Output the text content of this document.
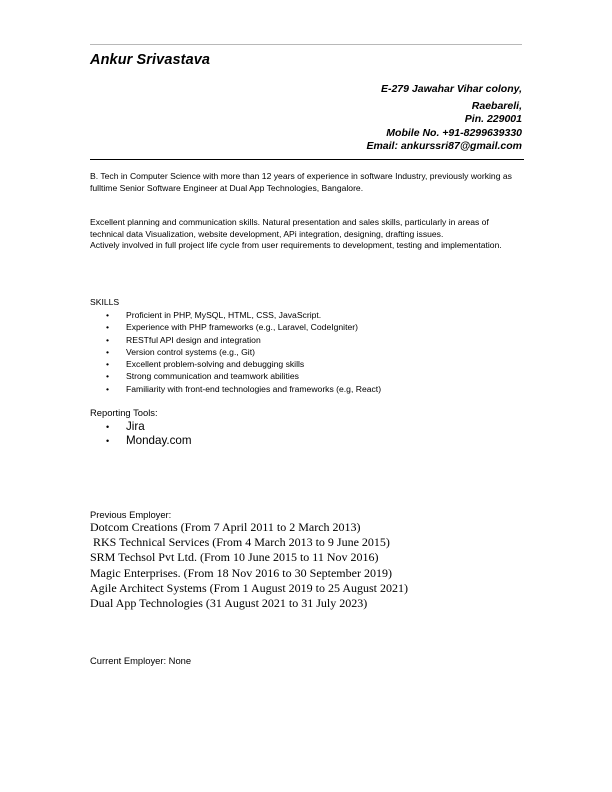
Ankur Srivastava
E-279 Jawahar Vihar colony,
Raebareli,
Pin. 229001
Mobile No. +91-8299639330
Email: ankurssri87@gmail.com

B. Tech in Computer Science with more than 12 years of experience in software Industry, previously working as fulltime Senior Software Engineer at Dual App Technologies, Bangalore.

Excellent planning and communication skills. Natural presentation and sales skills, particularly in areas of technical data Visualization, website development, APi integration, designing, drafting issues.

Actively involved in full project life cycle from user requirements to development, testing and implementation.

SKILLS
• Proficient in PHP, MySQL, HTML, CSS, JavaScript.
• Experience with PHP frameworks (e.g., Laravel, CodeIgniter)
• RESTful API design and integration
• Version control systems (e.g., Git)
• Excellent problem-solving and debugging skills
• Strong communication and teamwork abilities
• Familiarity with front-end technologies and frameworks (e.g, React)
Reporting Tools:
• Jira
• Monday.com
Previous Employer:
Dotcom Creations (From 7 April 2011 to 2 March 2013)
RKS Technical Services (From 4 March 2013 to 9 June 2015)
SRM Techsol Pvt Ltd. (From 10 June 2015 to 11 Nov 2016)
Magic Enterprises. (From 18 Nov 2016 to 30 September 2019)
Agile Architect Systems (From 1 August 2019 to 25 August 2021)
Dual App Technologies (31 August 2021 to 31 July 2023)
Current Employer: None
